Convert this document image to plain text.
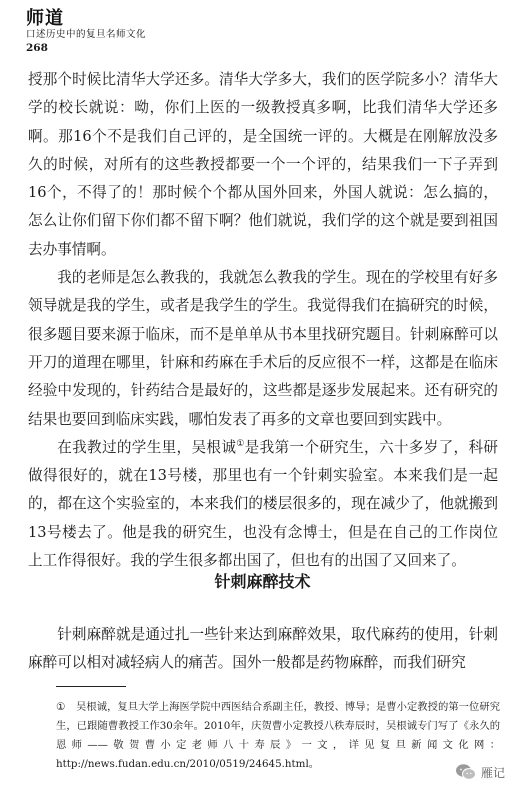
师道
口述历史中的复旦名师文化
268

授那个时候比清华大学还多。清华大学多大，我们的医学院多小？清华大学的校长就说：呦，你们上医的一级教授真多啊，比我们清华大学还多啊。那16个不是我们自己评的，是全国统一评的。大概是在刚解放没多久的时候，对所有的这些教授都要一个一个评的，结果我们一下子弄到16个，不得了的！那时候个个都从国外回来，外国人就说：怎么搞的，怎么让你们留下你们都不留下啊？他们就说，我们学的这个就是要到祖国去办事情啊。

我的老师是怎么教我的，我就怎么教我的学生。现在的学校里有好多领导就是我的学生，或者是我学生的学生。我觉得我们在搞研究的时候，很多题目要来源于临床，而不是单单从书本里找研究题目。针刺麻醉可以开刀的道理在哪里，针麻和药麻在手术后的反应很不一样，这都是在临床经验中发现的，针药结合是最好的，这些都是逐步发展起来。还有研究的结果也要回到临床实践，哪怕发表了再多的文章也要回到实践中。

在我教过的学生里，吴根诚①是我第一个研究生，六十多岁了，科研做得很好的，就在13号楼，那里也有一个针刺实验室。本来我们是一起的，都在这个实验室的，本来我们的楼层很多的，现在减少了，他就搬到13号楼去了。他是我的研究生，也没有念博士，但是在自己的工作岗位上工作得很好。我的学生很多都出国了，但也有的出国了又回来了。

针刺麻醉技术

针刺麻醉就是通过扎一些针来达到麻醉效果，取代麻药的使用，针刺麻醉可以相对减轻病人的痛苦。国外一般都是药物麻醉，而我们研究

① 吴根诚，复旦大学上海医学院中西医结合系副主任，教授、博导；是曹小定教授的第一位研究生，已跟随曹教授工作30余年。2010年，庆贺曹小定教授八秩寿辰时，吴根诚专门写了《永久的恩师——敬贺曹小定老师八十寿辰》一文，详见复旦新闻文化网：http://news.fudan.edu.cn/2010/0519/24645.html。
雁记
